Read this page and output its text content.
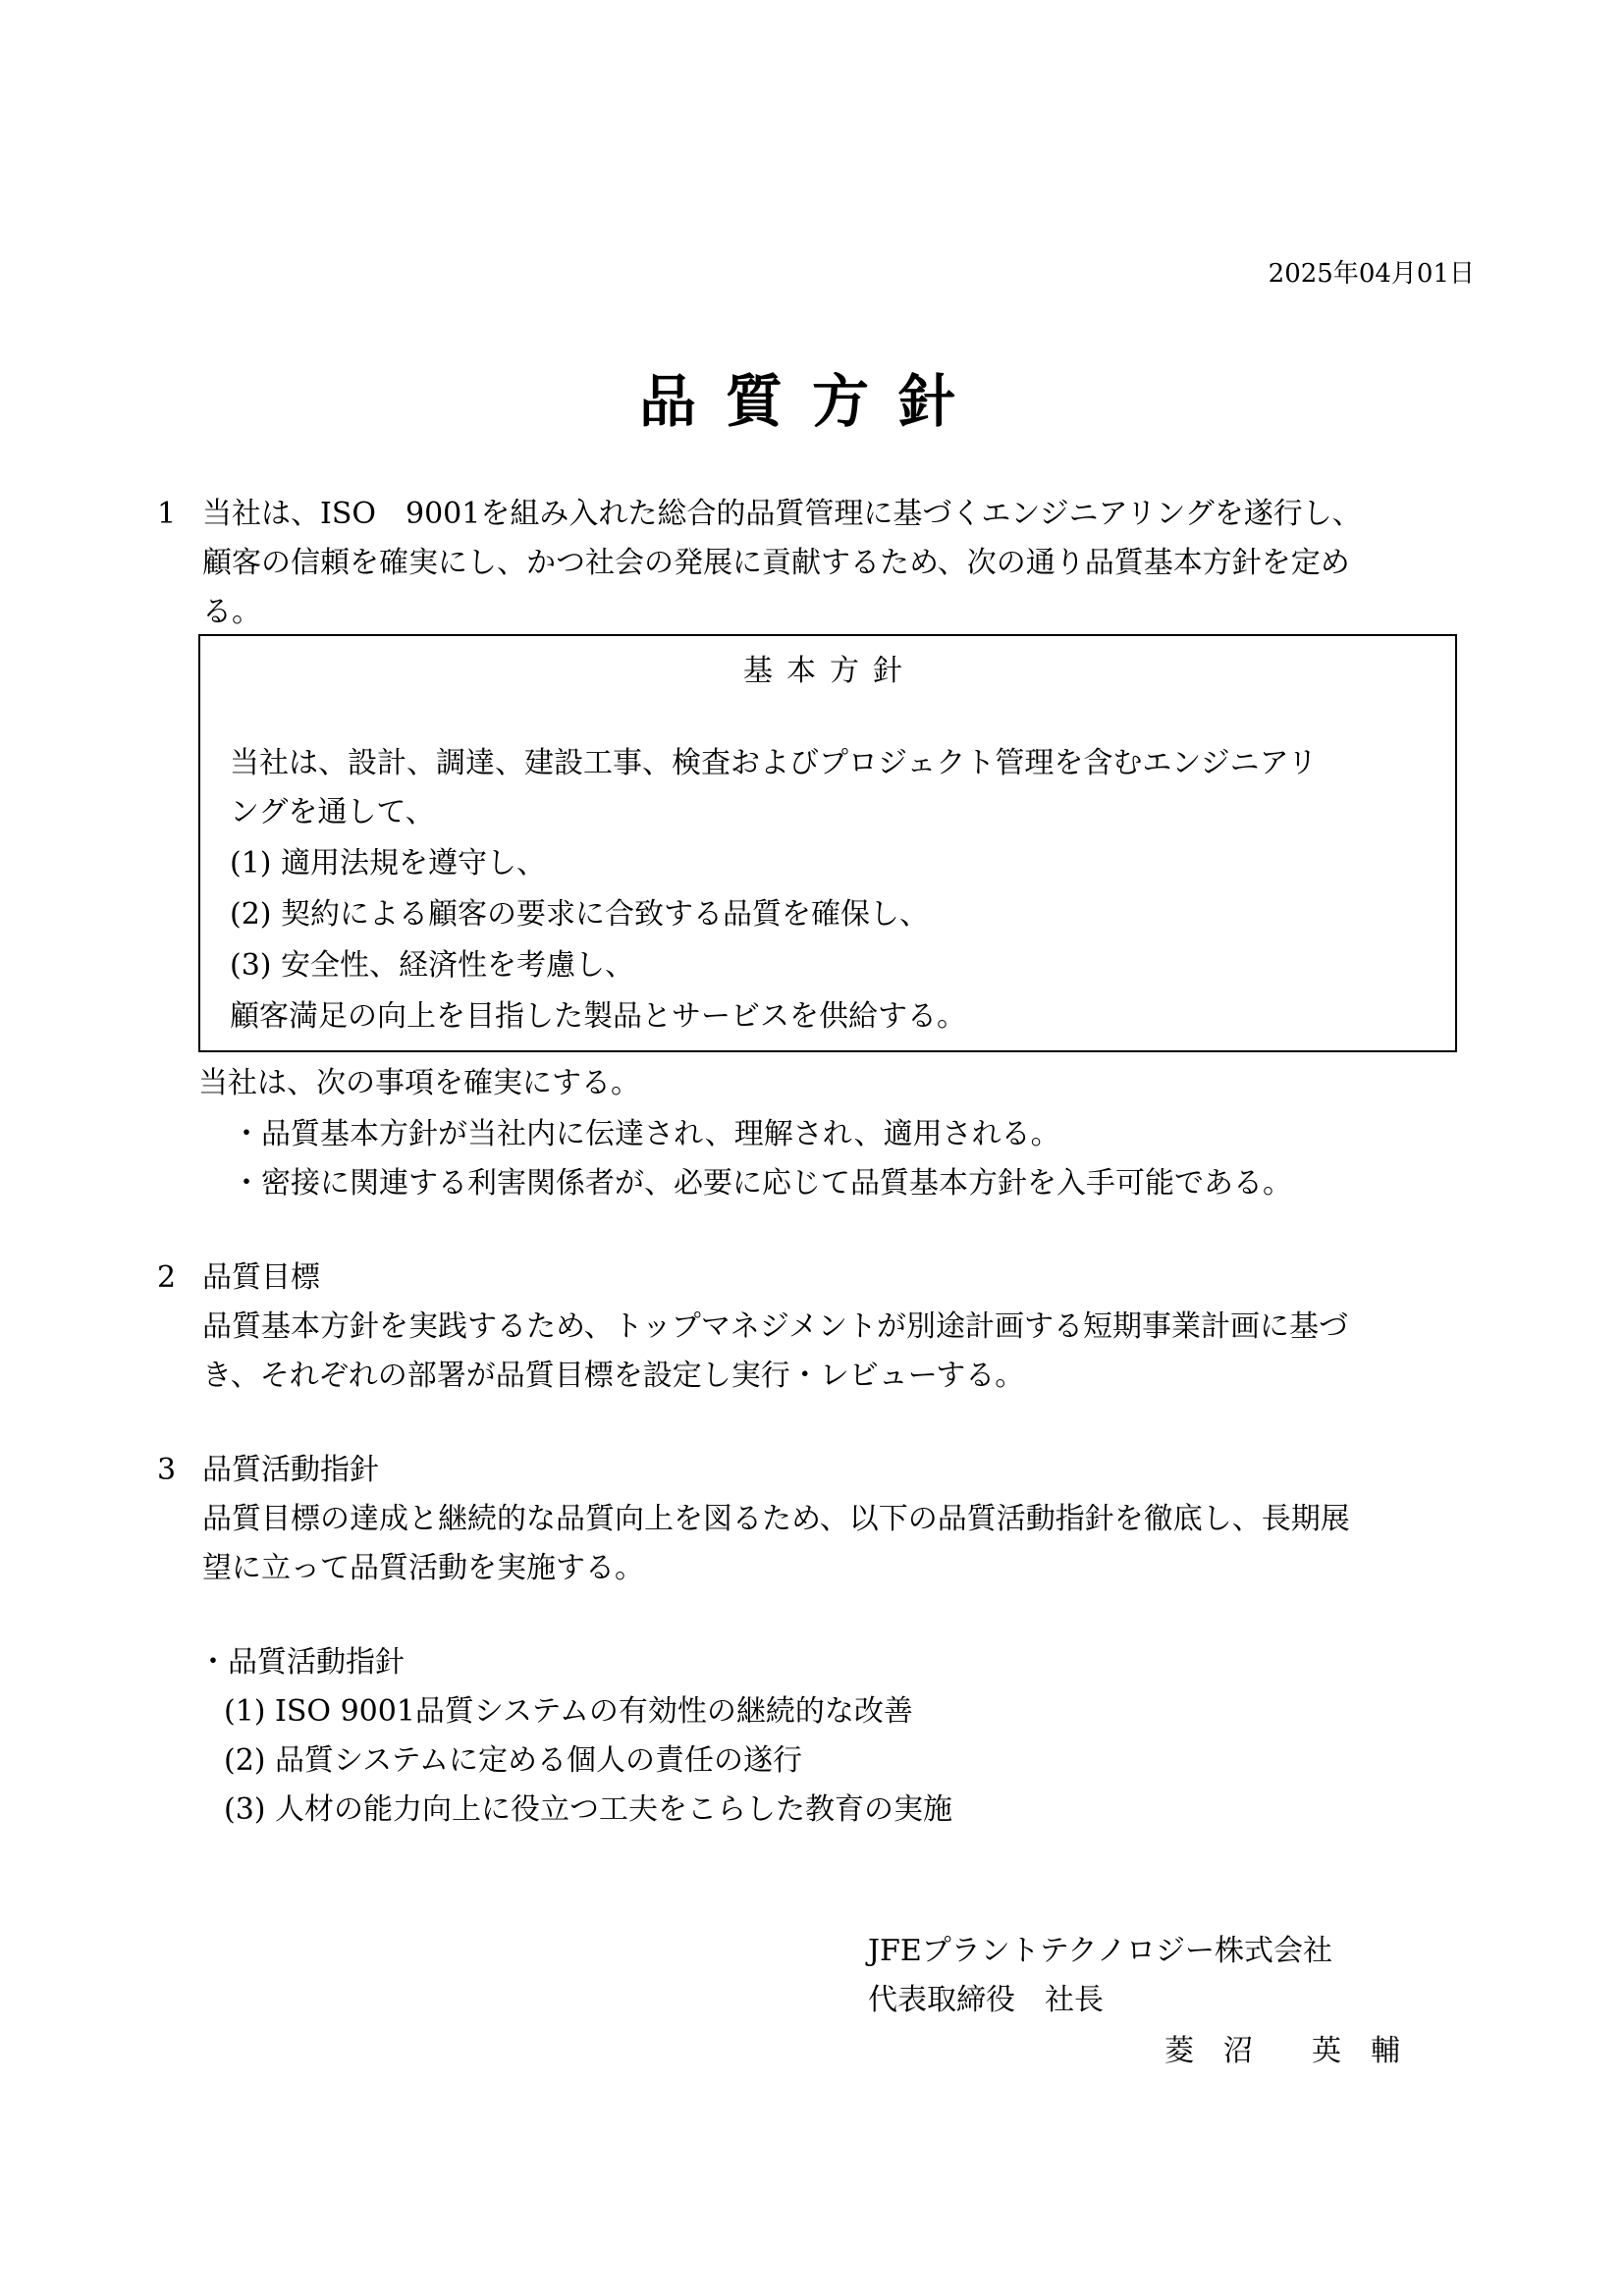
2025年04月01日
品質方針
1 当社は、ISO　9001を組み入れた総合的品質管理に基づくエンジニアリングを遂行し、
顧客の信頼を確実にし、かつ社会の発展に貢献するため、次の通り品質基本方針を定め
る。
基本方針
当社は、設計、調達、建設工事、検査およびプロジェクト管理を含むエンジニアリ
ングを通して、
(1) 適用法規を遵守し、
(2) 契約による顧客の要求に合致する品質を確保し、
(3) 安全性、経済性を考慮し、
顧客満足の向上を目指した製品とサービスを供給する。
当社は、次の事項を確実にする。
・品質基本方針が当社内に伝達され、理解され、適用される。
・密接に関連する利害関係者が、必要に応じて品質基本方針を入手可能である。
2 品質目標
品質基本方針を実践するため、トップマネジメントが別途計画する短期事業計画に基づ
き、それぞれの部署が品質目標を設定し実行・レビューする。
3 品質活動指針
品質目標の達成と継続的な品質向上を図るため、以下の品質活動指針を徹底し、長期展
望に立って品質活動を実施する。
・品質活動指針
(1) ISO 9001品質システムの有効性の継続的な改善
(2) 品質システムに定める個人の責任の遂行
(3) 人材の能力向上に役立つ工夫をこらした教育の実施
JFEプラントテクノロジー株式会社
代表取締役　社長
菱　沼　　英　輔
